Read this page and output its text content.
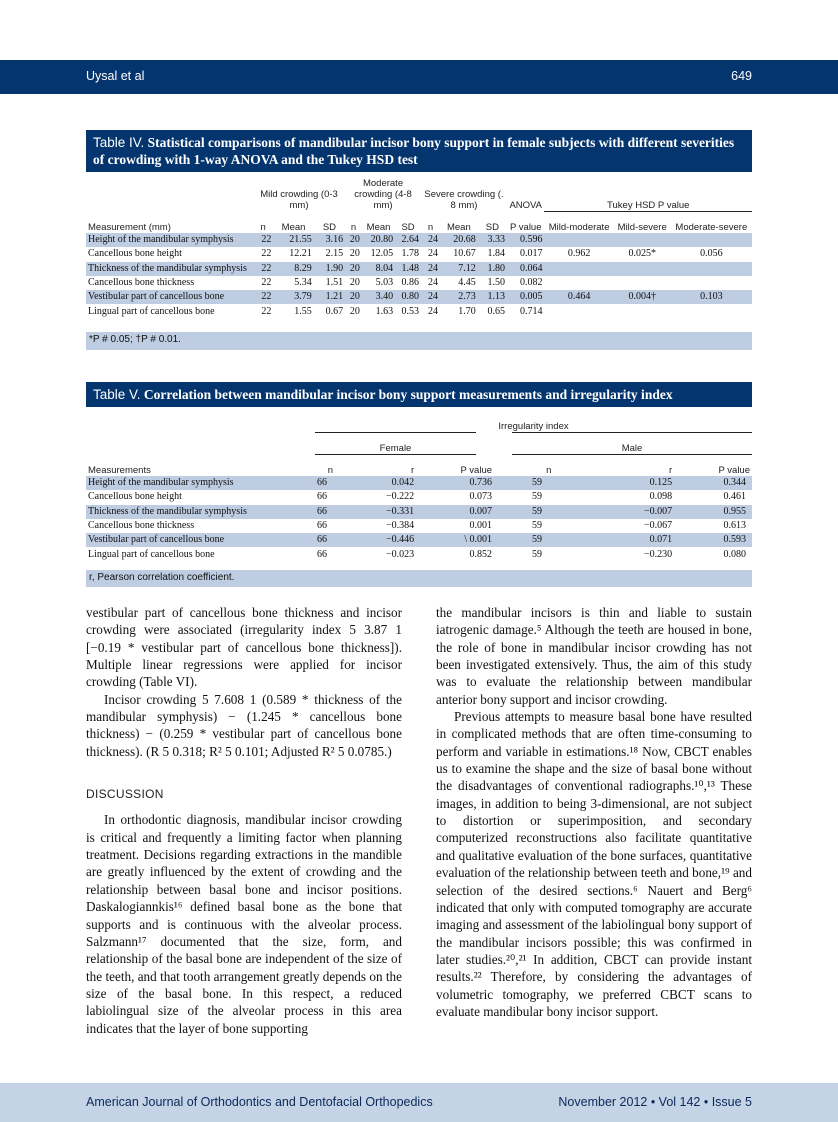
Uysal et al	649
Table IV. Statistical comparisons of mandibular incisor bony support in female subjects with different severities of crowding with 1-way ANOVA and the Tukey HSD test
	Mild crowding (0-3 mm)			Moderate crowding (4-8 mm)			Severe crowding (. 8 mm)			ANOVA	Tukey HSD P value		
Measurement (mm)	n	Mean	SD	n	Mean	SD	n	Mean	SD	P value	Mild-moderate	Mild-severe	Moderate-severe
Height of the mandibular symphysis	22	21.55	3.16	20	20.80	2.64	24	20.68	3.33	0.596			
Cancellous bone height	22	12.21	2.15	20	12.05	1.78	24	10.67	1.84	0.017	0.962	0.025*	0.056
Thickness of the mandibular symphysis	22	8.29	1.90	20	8.04	1.48	24	7.12	1.80	0.064			
Cancellous bone thickness	22	5.34	1.51	20	5.03	0.86	24	4.45	1.50	0.082			
Vestibular part of cancellous bone	22	3.79	1.21	20	3.40	0.80	24	2.73	1.13	0.005	0.464	0.004†	0.103
Lingual part of cancellous bone	22	1.55	0.67	20	1.63	0.53	24	1.70	0.65	0.714			
*P # 0.05; †P # 0.01.
Table V. Correlation between mandibular incisor bony support measurements and irregularity index
	Irregularity index					
	Female			Male		
Measurements	n	r	P value	n	r	P value
Height of the mandibular symphysis	66	0.042	0.736	59	0.125	0.344
Cancellous bone height	66	−0.222	0.073	59	0.098	0.461
Thickness of the mandibular symphysis	66	−0.331	0.007	59	−0.007	0.955
Cancellous bone thickness	66	−0.384	0.001	59	−0.067	0.613
Vestibular part of cancellous bone	66	−0.446	\ 0.001	59	0.071	0.593
Lingual part of cancellous bone	66	−0.023	0.852	59	−0.230	0.080
r, Pearson correlation coefficient.

vestibular part of cancellous bone thickness and incisor crowding were associated (irregularity index 5 3.87 1 [−0.19 * vestibular part of cancellous bone thickness]). Multiple linear regressions were applied for incisor crowding (Table VI).

Incisor crowding 5 7.608 1 (0.589 * thickness of the mandibular symphysis) − (1.245 * cancellous bone thickness) − (0.259 * vestibular part of cancellous bone thickness). (R 5 0.318; R² 5 0.101; Adjusted R² 5 0.0785.)

DISCUSSION

In orthodontic diagnosis, mandibular incisor crowding is critical and frequently a limiting factor when planning treatment. Decisions regarding extractions in the mandible are greatly influenced by the extent of crowding and the relationship between basal bone and incisor positions. Daskalogiannkis¹⁶ defined basal bone as the bone that supports and is continuous with the alveolar process. Salzmann¹⁷ documented that the size, form, and relationship of the basal bone are independent of the size of the teeth, and that tooth arrangement greatly depends on the size of the basal bone. In this respect, a reduced labiolingual size of the alveolar process in this area indicates that the layer of bone supporting

the mandibular incisors is thin and liable to sustain iatrogenic damage.⁵ Although the teeth are housed in bone, the role of bone in mandibular incisor crowding has not been investigated extensively. Thus, the aim of this study was to evaluate the relationship between mandibular anterior bony support and incisor crowding.

Previous attempts to measure basal bone have resulted in complicated methods that are often time-consuming to perform and variable in estimations.¹⁸ Now, CBCT enables us to examine the shape and the size of basal bone without the disadvantages of conventional radiographs.¹⁰,¹³ These images, in addition to being 3-dimensional, are not subject to distortion or superimposition, and secondary computerized reconstructions also facilitate quantitative and qualitative evaluation of the bone surfaces, quantitative evaluation of the relationship between teeth and bone,¹⁹ and selection of the desired sections.⁶ Nauert and Berg⁶ indicated that only with computed tomography are accurate imaging and assessment of the labiolingual bony support of the mandibular incisors possible; this was confirmed in later studies.²⁰,²¹ In addition, CBCT can provide instant results.²² Therefore, by considering the advantages of volumetric tomography, we preferred CBCT scans to evaluate mandibular bony incisor support.

American Journal of Orthodontics and Dentofacial Orthopedics	November 2012 • Vol 142 • Issue 5
